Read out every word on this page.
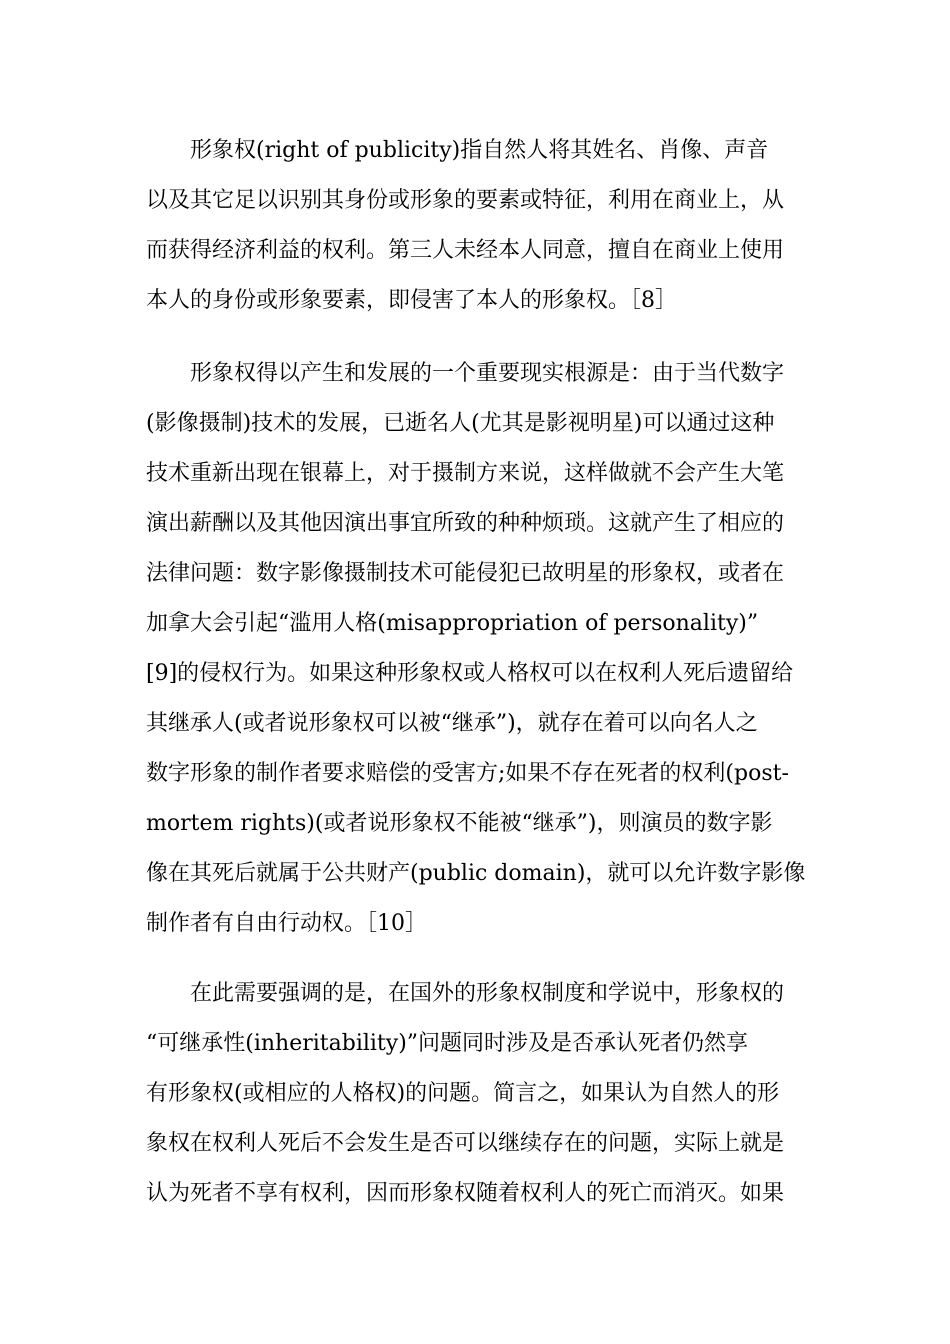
形象权(right of publicity)指自然人将其姓名、肖像、声音
以及其它足以识别其身份或形象的要素或特征，利用在商业上，从
而获得经济利益的权利。第三人未经本人同意，擅自在商业上使用
本人的身份或形象要素，即侵害了本人的形象权。［8］
形象权得以产生和发展的一个重要现实根源是：由于当代数字
(影像摄制)技术的发展，已逝名人(尤其是影视明星)可以通过这种
技术重新出现在银幕上，对于摄制方来说，这样做就不会产生大笔
演出薪酬以及其他因演出事宜所致的种种烦琐。这就产生了相应的
法律问题：数字影像摄制技术可能侵犯已故明星的形象权，或者在
加拿大会引起“滥用人格(misappropriation of personality)”
[9]的侵权行为。如果这种形象权或人格权可以在权利人死后遗留给
其继承人(或者说形象权可以被“继承”)，就存在着可以向名人之
数字形象的制作者要求赔偿的受害方;如果不存在死者的权利(post-
mortem rights)(或者说形象权不能被“继承”)，则演员的数字影
像在其死后就属于公共财产(public domain)，就可以允许数字影像
制作者有自由行动权。［10］
在此需要强调的是，在国外的形象权制度和学说中，形象权的
“可继承性(inheritability)”问题同时涉及是否承认死者仍然享
有形象权(或相应的人格权)的问题。简言之，如果认为自然人的形
象权在权利人死后不会发生是否可以继续存在的问题，实际上就是
认为死者不享有权利，因而形象权随着权利人的死亡而消灭。如果
